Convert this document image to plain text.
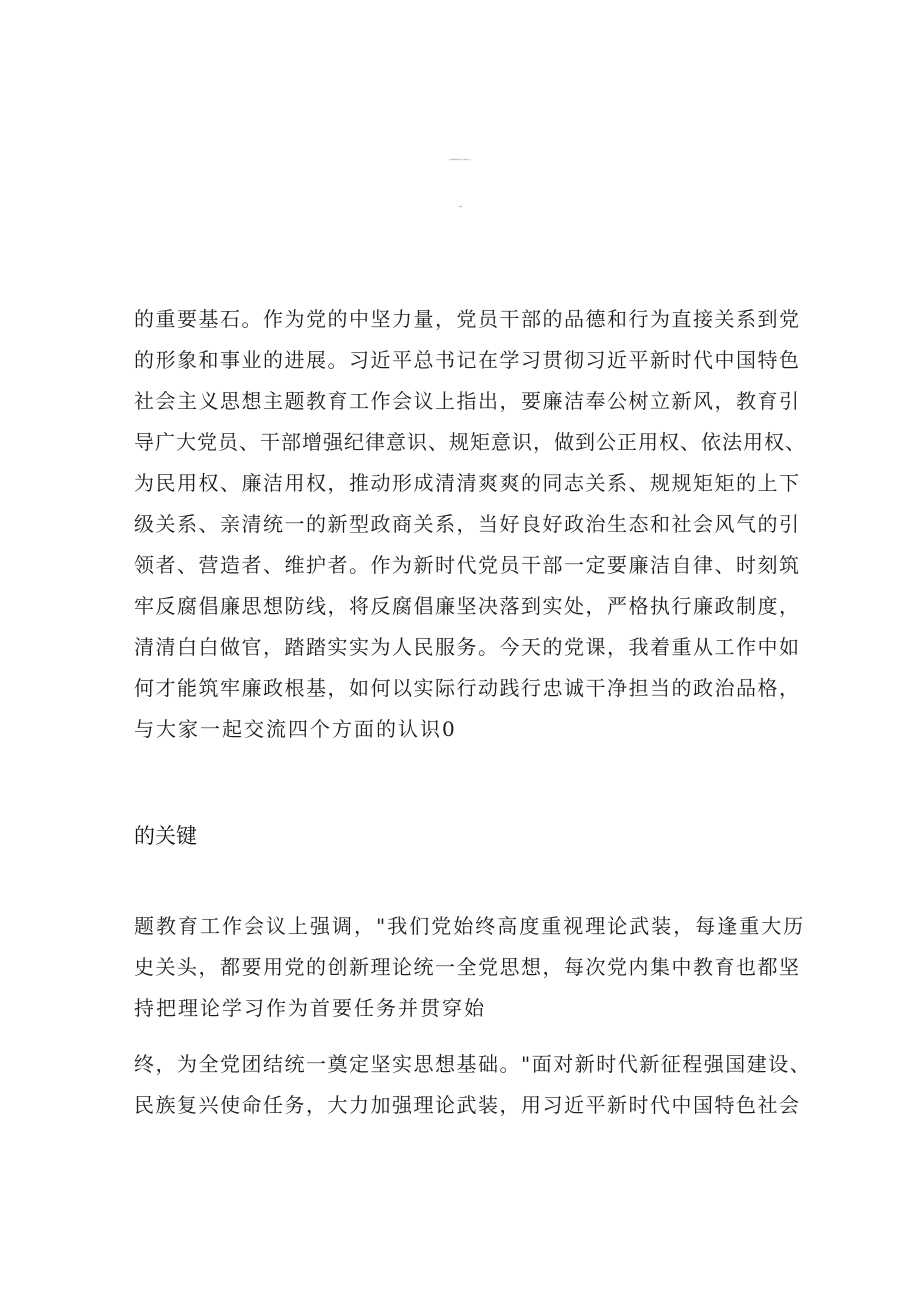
筑牢廉政思想根基以忠诚干净担当展现新作为、做
出新贡献

的重要基石。作为党的中坚力量，党员干部的品德和行为直接关系到党

的形象和事业的进展。习近平总书记在学习贯彻习近平新时代中国特色

社会主义思想主题教育工作会议上指出，要廉洁奉公树立新风，教育引

导广大党员、干部增强纪律意识、规矩意识，做到公正用权、依法用权、

为民用权、廉洁用权，推动形成清清爽爽的同志关系、规规矩矩的上下

级关系、亲清统一的新型政商关系，当好良好政治生态和社会风气的引

领者、营造者、维护者。作为新时代党员干部一定要廉洁自律、时刻筑

牢反腐倡廉思想防线，将反腐倡廉坚决落到实处，严格执行廉政制度，

清清白白做官，踏踏实实为人民服务。今天的党课，我着重从工作中如

何才能筑牢廉政根基，如何以实际行动践行忠诚干净担当的政治品格，

与大家一起交流四个方面的认识0

的关键

题教育工作会议上强调，"我们党始终高度重视理论武装，每逢重大历

史关头，都要用党的创新理论统一全党思想，每次党内集中教育也都坚

持把理论学习作为首要任务并贯穿始

终，为全党团结统一奠定坚实思想基础。"面对新时代新征程强国建设、

民族复兴使命任务，大力加强理论武装，用习近平新时代中国特色社会
